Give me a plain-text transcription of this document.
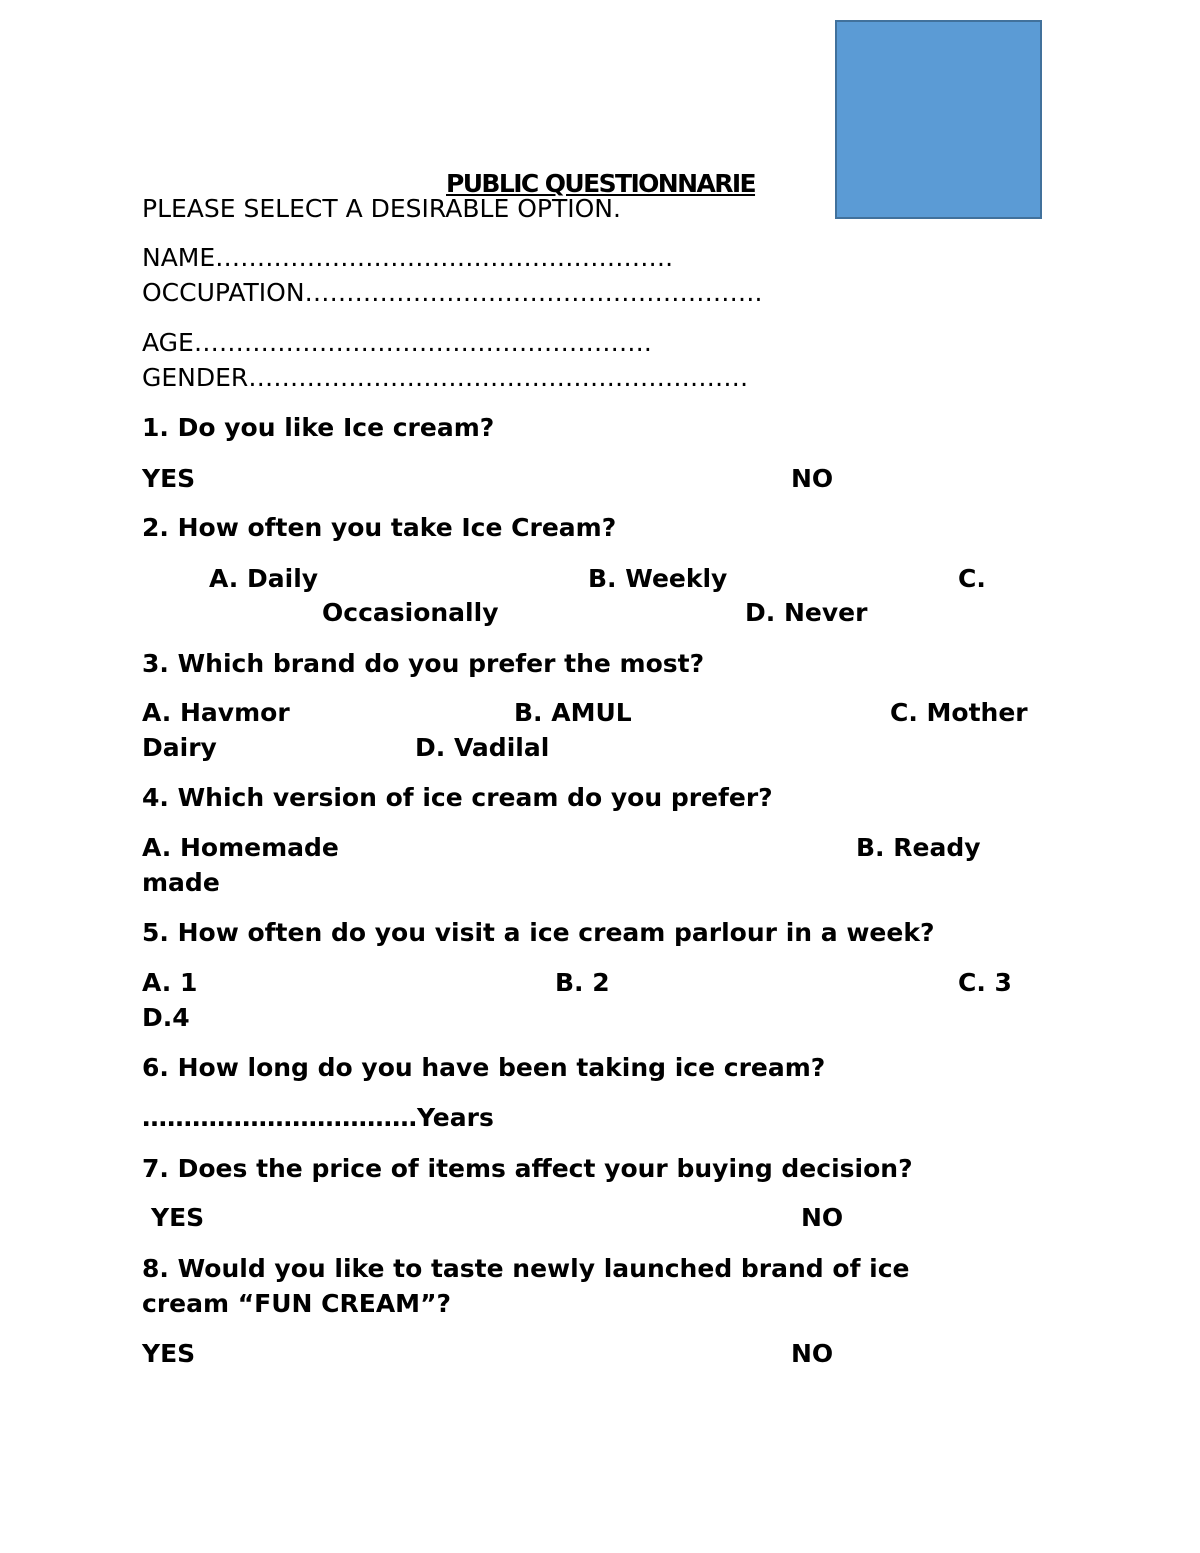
PUBLIC QUESTIONNARIE

PLEASE SELECT A DESIRABLE OPTION.

NAME……………………………………………….

OCCUPATION……………………………………………….

AGE……………………………………………….

GENDER……………………………………………………

1. Do you like Ice cream?

YES	NO

2. How often you take Ice Cream?

A. Daily	B. Weekly	C.

Occasionally	D. Never

3. Which brand do you prefer the most?

A. Havmor	B. AMUL	C. Mother

Dairy	D. Vadilal

4. Which version of ice cream do you prefer?

A. Homemade	B. Ready

made

5. How often do you visit a ice cream parlour in a week?

A. 1	B. 2	C. 3

D.4

6. How long do you have been taking ice cream?

……………………………Years

7. Does the price of items affect your buying decision?

YES	NO

8. Would you like to taste newly launched brand of ice

cream “FUN CREAM”?

YES	NO
